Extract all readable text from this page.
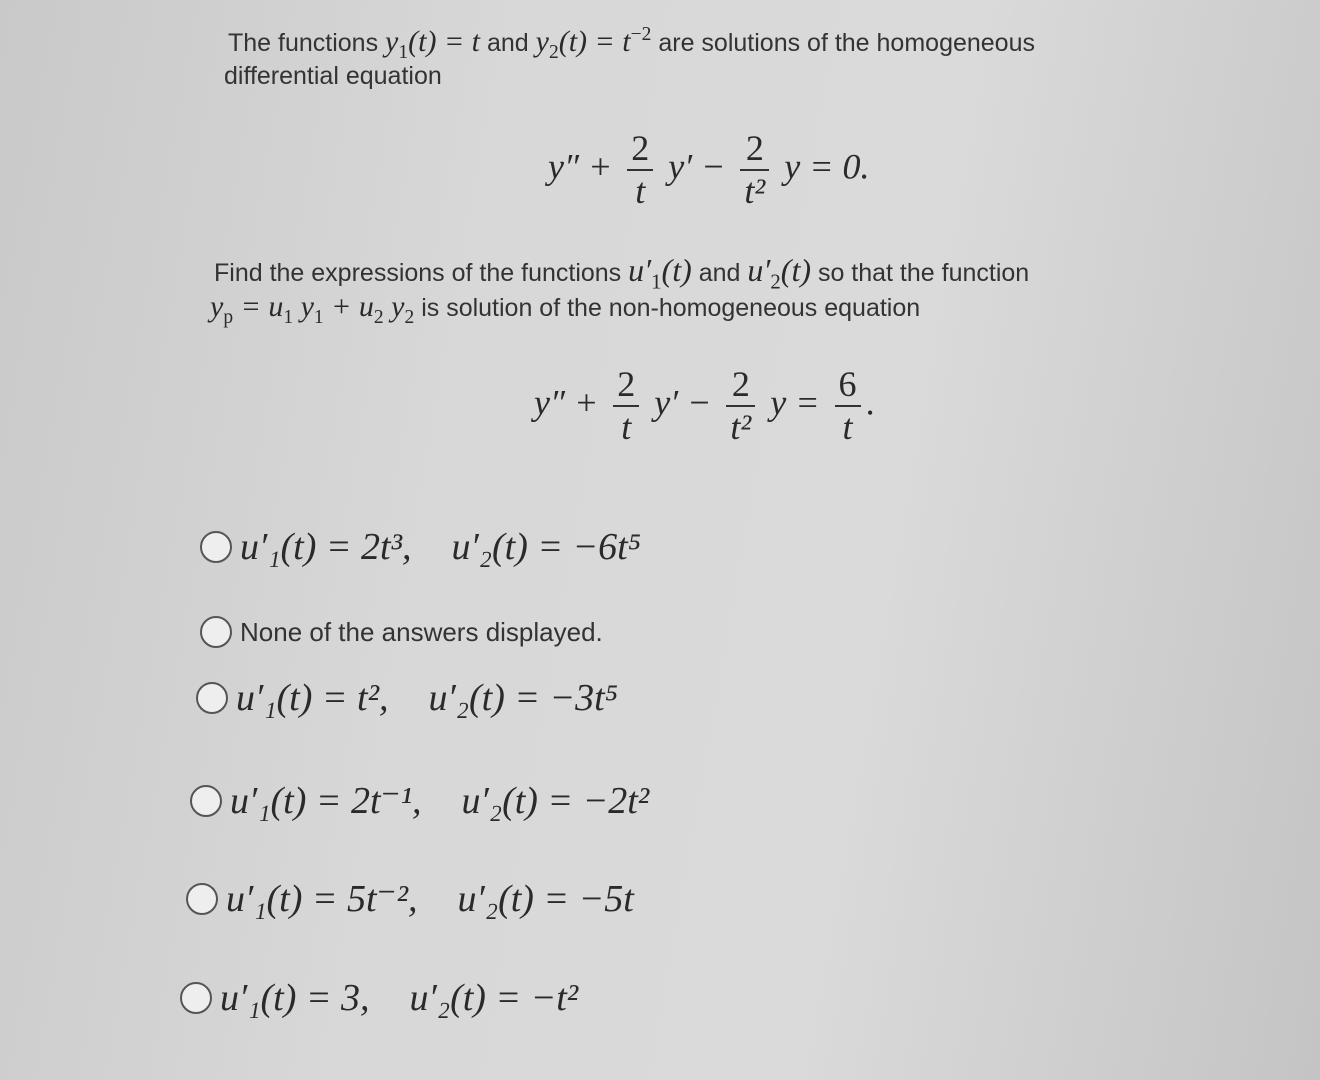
The functions $y_1(t) = t$ and $y_2(t) = t^{-2}$ are solutions of the homogeneous
differential equation
$y'' + \frac{2}{t} y' - \frac{2}{\text{t²}}$ y = 0.
Find the expressions of the functions $u'_1(t)$ and $u'_2(t)$ so that the function
$y_p = u_1$ $y_1 + u_2$ $y_2$ is solution of the non-homogeneous equation
$y'' + \frac{2}{t} y' - \frac{2}{\text{t²}}$ $y = \frac{6}{t}$ .
u′₁(t) = 2t³, u′₂(t) = −6t⁵
None of the answers displayed.
u′₁(t) = t², u′₂(t) = −3t⁵
u′₁(t) = 2t⁻¹, u′₂(t) = −2t²
u′₁(t) = 5t⁻², u′₂(t) = −5t
u′₁(t) = 3, u′₂(t) = −t²
